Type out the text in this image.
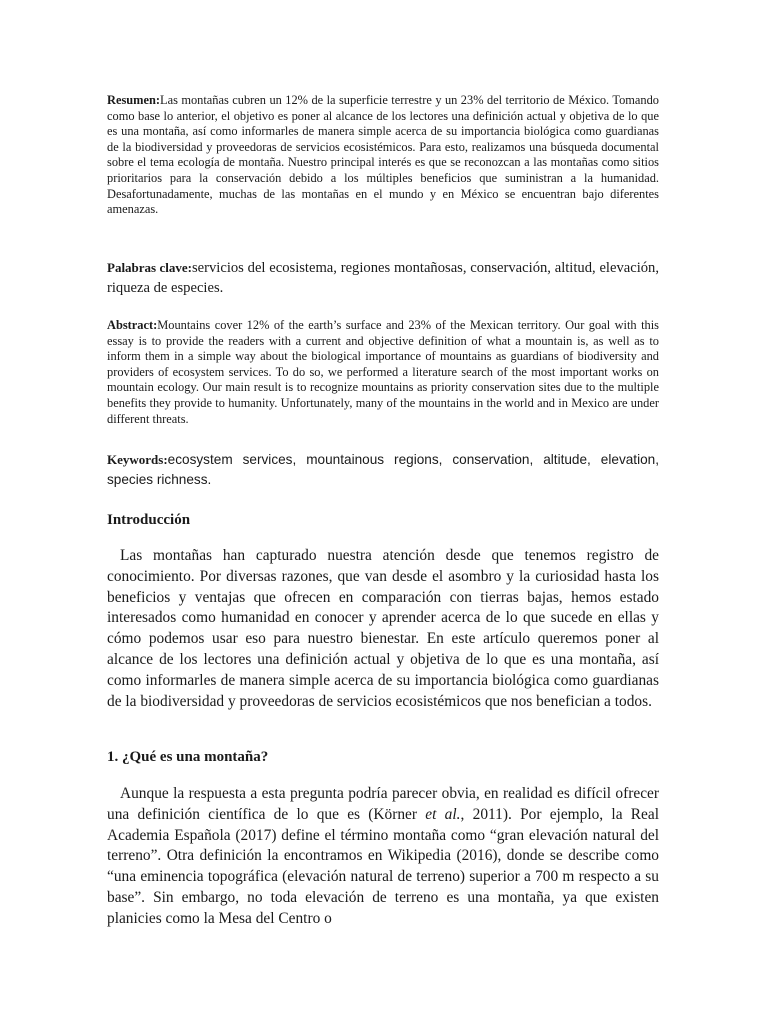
Resumen:Las montañas cubren un 12% de la superficie terrestre y un 23% del territorio de México. Tomando como base lo anterior, el objetivo es poner al alcance de los lectores una definición actual y objetiva de lo que es una montaña, así como informarles de manera simple acerca de su importancia biológica como guardianas de la biodiversidad y proveedoras de servicios ecosistémicos. Para esto, realizamos una búsqueda documental sobre el tema ecología de montaña. Nuestro principal interés es que se reconozcan a las montañas como sitios prioritarios para la conservación debido a los múltiples beneficios que suministran a la humanidad. Desafortunadamente, muchas de las montañas en el mundo y en México se encuentran bajo diferentes amenazas.

Palabras clave:servicios del ecosistema, regiones montañosas, conservación, altitud, elevación, riqueza de especies.

Abstract:Mountains cover 12% of the earth’s surface and 23% of the Mexican territory. Our goal with this essay is to provide the readers with a current and objective definition of what a mountain is, as well as to inform them in a simple way about the biological importance of mountains as guardians of biodiversity and providers of ecosystem services. To do so, we performed a literature search of the most important works on mountain ecology. Our main result is to recognize mountains as priority conservation sites due to the multiple benefits they provide to humanity. Unfortunately, many of the mountains in the world and in Mexico are under different threats.

Keywords:ecosystem services, mountainous regions, conservation, altitude, elevation, species richness.

Introducción

Las montañas han capturado nuestra atención desde que tenemos registro de conocimiento. Por diversas razones, que van desde el asombro y la curiosidad hasta los beneficios y ventajas que ofrecen en comparación con tierras bajas, hemos estado interesados como humanidad en conocer y aprender acerca de lo que sucede en ellas y cómo podemos usar eso para nuestro bienestar. En este artículo queremos poner al alcance de los lectores una definición actual y objetiva de lo que es una montaña, así como informarles de manera simple acerca de su importancia biológica como guardianas de la biodiversidad y proveedoras de servicios ecosistémicos que nos benefician a todos.

1. ¿Qué es una montaña?

Aunque la respuesta a esta pregunta podría parecer obvia, en realidad es difícil ofrecer una definición científica de lo que es (Körner et al., 2011). Por ejemplo, la Real Academia Española (2017) define el término montaña como “gran elevación natural del terreno”. Otra definición la encontramos en Wikipedia (2016), donde se describe como “una eminencia topográfica (elevación natural de terreno) superior a 700 m respecto a su base”. Sin embargo, no toda elevación de terreno es una montaña, ya que existen planicies como la Mesa del Centro o
